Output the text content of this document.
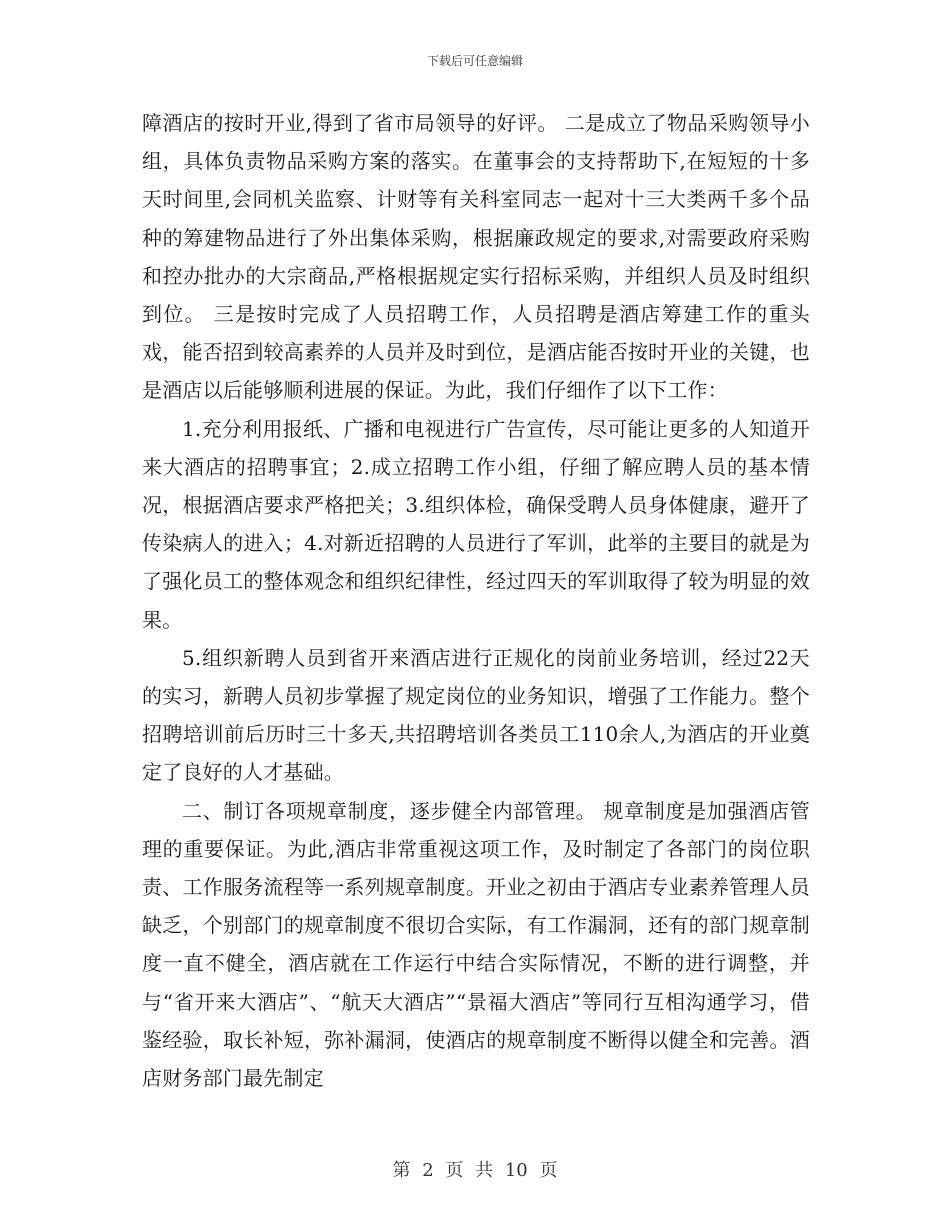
下载后可任意编辑

障酒店的按时开业,得到了省市局领导的好评。 二是成立了物品采购领导小组，具体负责物品采购方案的落实。在董事会的支持帮助下,在短短的十多天时间里,会同机关监察、计财等有关科室同志一起对十三大类两千多个品种的筹建物品进行了外出集体采购，根据廉政规定的要求,对需要政府采购和控办批办的大宗商品,严格根据规定实行招标采购，并组织人员及时组织到位。 三是按时完成了人员招聘工作，人员招聘是酒店筹建工作的重头戏，能否招到较高素养的人员并及时到位，是酒店能否按时开业的关键，也是酒店以后能够顺利进展的保证。为此，我们仔细作了以下工作：

1.充分利用报纸、广播和电视进行广告宣传，尽可能让更多的人知道开来大酒店的招聘事宜；2.成立招聘工作小组，仔细了解应聘人员的基本情况，根据酒店要求严格把关；3.组织体检，确保受聘人员身体健康，避开了传染病人的进入；4.对新近招聘的人员进行了军训，此举的主要目的就是为了强化员工的整体观念和组织纪律性，经过四天的军训取得了较为明显的效果。

5.组织新聘人员到省开来酒店进行正规化的岗前业务培训，经过22天的实习，新聘人员初步掌握了规定岗位的业务知识，增强了工作能力。整个招聘培训前后历时三十多天,共招聘培训各类员工110余人,为酒店的开业奠定了良好的人才基础。

二、制订各项规章制度，逐步健全内部管理。 规章制度是加强酒店管理的重要保证。为此,酒店非常重视这项工作，及时制定了各部门的岗位职责、工作服务流程等一系列规章制度。开业之初由于酒店专业素养管理人员缺乏，个别部门的规章制度不很切合实际，有工作漏洞，还有的部门规章制度一直不健全，酒店就在工作运行中结合实际情况，不断的进行调整，并与“省开来大酒店”、“航天大酒店”“景福大酒店”等同行互相沟通学习，借鉴经验，取长补短，弥补漏洞，使酒店的规章制度不断得以健全和完善。酒店财务部门最先制定

第 2 页 共 10 页
